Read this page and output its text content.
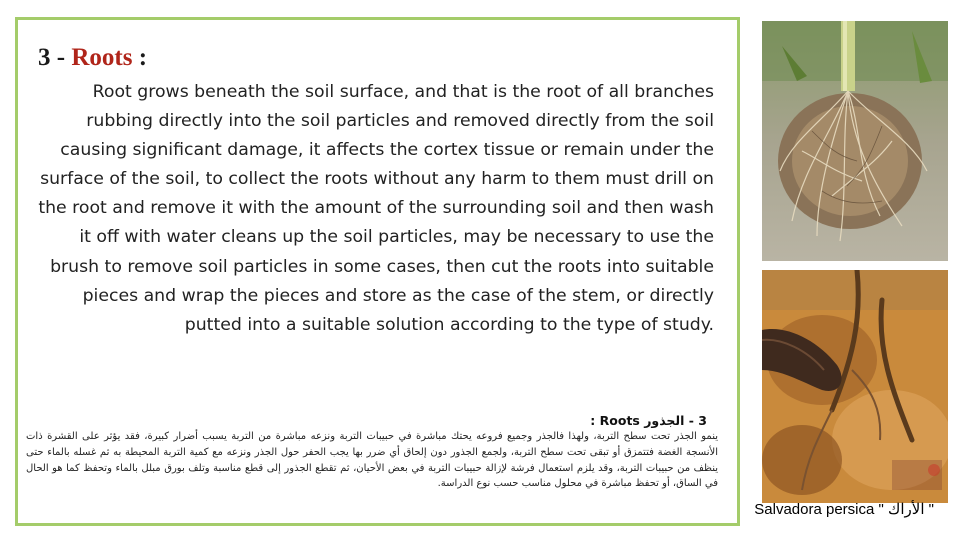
3 - Roots :

Root grows beneath the soil surface, and that is the root of all branches rubbing directly into the soil particles and removed directly from the soil causing significant damage, it affects the cortex tissue or remain under the surface of the soil, to collect the roots without any harm to them must drill on the root and remove it with the amount of the surrounding soil and then wash it off with water cleans up the soil particles, may be necessary to use the brush to remove soil particles in some cases, then cut the roots into suitable pieces and wrap the pieces and store as the case of the stem, or directly putted into a suitable solution according to the type of study.

3 - الجذور Roots :

ينمو الجذر تحت سطح التربة، ولهذا فالجذر وجميع فروعه يحتك مباشرة في حبيبات التربة ونزعه مباشرة من التربة يسبب أضرار كبيرة، فقد يؤثر على القشرة ذات الأنسجة الغضة فتتمزق أو تبقى تحت سطح التربة، ولجمع الجذور دون إلحاق أي ضرر بها يجب الحفر حول الجذر ونزعه مع كمية التربة المحيطة به ثم غسله بالماء حتى ينظف من حبيبات التربة، وقد يلزم استعمال فرشة لإزالة حبيبات التربة في بعض الأحيان، ثم تقطع الجذور إلى قطع مناسبة وتلف بورق مبلل بالماء وتحفظ كما هو الحال في الساق، أو تحفظ مباشرة في محلول مناسب حسب نوع الدراسة.

Salvadora persica " الأراك "
